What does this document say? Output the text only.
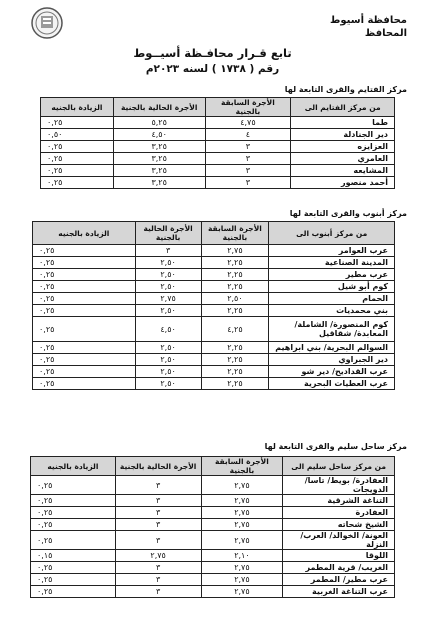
محافظة أسيوط
المحافظ
تابع قـرار محافـظة أسيــوط
رقم ( ١٧٣٨ ) لسنه ٢٠٢٣م
مركز الفتايم والقرى التابعة لها
من مركز الفتايم الى	الأجرة السابقة بالجنية	الأجرة الحالية بالجنية	الزيادة بالجنيه
طما	٤,٧٥	٥,٢٥	٠,٢٥
دير الجنادلة	٤	٤,٥٠	٠,٥٠
العزايزه	٣	٣,٢٥	٠,٢٥
العامري	٣	٣,٢٥	٠,٢٥
المشايعه	٣	٣,٢٥	٠,٢٥
أحمد منصور	٣	٣,٢٥	٠,٢٥
مركز أبنوب والقرى التابعة لها
من مركز أبنوب الى	الأجرة السابقة بالجنية	الأجرة الحالية بالجنية	الزيادة بالجنيه
عرب العوامر	٢,٧٥	٣	٠,٢٥
المدينة الصناعية	٢,٢٥	٢,٥٠	٠,٢٥
عرب مطير	٢,٢٥	٢,٥٠	٠,٢٥
كوم أبو شيل	٢,٢٥	٢,٥٠	٠,٢٥
الحمام	٢,٥٠	٢,٧٥	٠,٢٥
بني محمديات	٢,٢٥	٢,٥٠	٠,٢٥
كوم المنصورة/ الشاملة/ المعابدة/ شقاقيل	٤,٢٥	٤,٥٠	٠,٢٥
السوالم البحرية/ بني ابراهيم	٢,٢٥	٢,٥٠	٠,٢٥
دير الجبراوي	٢,٢٥	٢,٥٠	٠,٢٥
عرب القداديح/ دير شو	٢,٢٥	٢,٥٠	٠,٢٥
عرب العطيات البحرية	٢,٢٥	٢,٥٠	٠,٢٥
مركز ساحل سليم والقرى التابعة لها
من مركز ساحل سليم الى	الأجرة السابقة بالجنية	الأجرة الحالية بالجنية	الزيادة بالجنيه
العفادرة/ بويط/ تاسا/ الدويجات	٢,٧٥	٣	٠,٢٥
التناغة الشرقية	٢,٧٥	٣	٠,٢٥
العفادرة	٢,٧٥	٣	٠,٢٥
الشيخ شحاته	٢,٧٥	٣	٠,٢٥
العونة/ الخوالد/ العرب/ النزلة	٢,٧٥	٣	٠,٢٥
اللوقا	٢,١٠	٢,٧٥	٠,١٥
الغريب/ قرية المطمر	٢,٧٥	٣	٠,٢٥
عرب مطير/ المطمر	٢,٧٥	٣	٠,٢٥
عرب التناغة الغربية	٢,٧٥	٣	٠,٢٥
